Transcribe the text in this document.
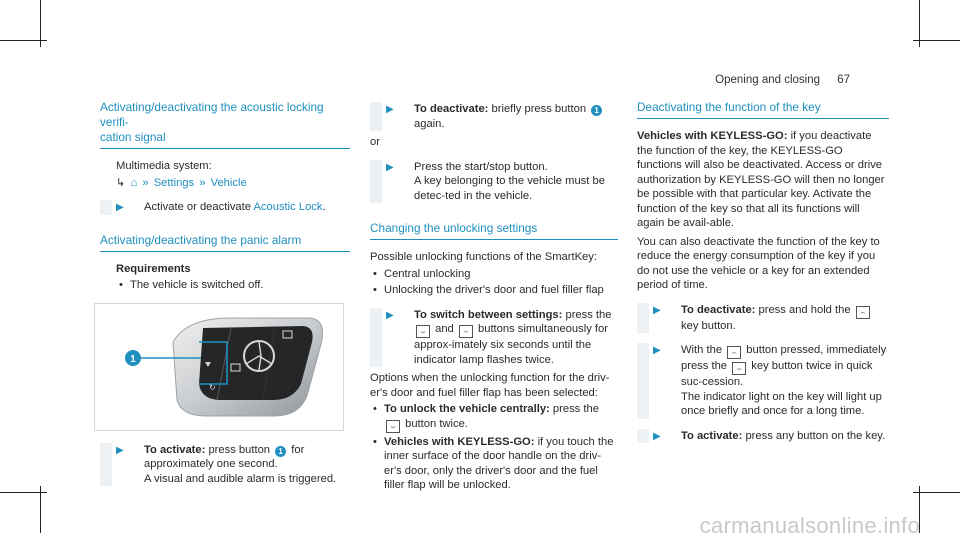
Opening and closing 67
Activating/deactivating the acoustic locking verifi-
cation signal

Multimedia system:

↳ ⌂ » Settings » Vehicle

▶ Activate or deactivate Acoustic Lock.
Activating/deactivating the panic alarm

Requirements

• The vehicle is switched off.

↻
1
▶ To activate: press button 1 for approximately one second.
A visual and audible alarm is triggered.
▶ To deactivate: briefly press button 1 again.

or

▶ Press the start/stop button.
A key belonging to the vehicle must be detec-ted in the vehicle.
Changing the unlocking settings

Possible unlocking functions of the SmartKey:

• Central unlocking

• Unlocking the driver's door and fuel filler flap

▶ To switch between settings: press the ⌣ and ⌢ buttons simultaneously for approx-imately six seconds until the indicator lamp flashes twice.

Options when the unlocking function for the driv-er's door and fuel filler flap has been selected:

• To unlock the vehicle centrally: press the ⌣ button twice.

• Vehicles with KEYLESS-GO: if you touch the inner surface of the door handle on the driv-er's door, only the driver's door and the fuel filler flap will be unlocked.

Deactivating the function of the key

Vehicles with KEYLESS-GO: if you deactivate the function of the key, the KEYLESS-GO functions will also be deactivated. Access or drive authorization by KEYLESS-GO will then no longer be possible with that particular key. Activate the function of the key so that all its functions will again be avail-able.

You can also deactivate the function of the key to reduce the energy consumption of the key if you do not use the vehicle or a key for an extended period of time.

▶ To deactivate: press and hold the ⌢ key button.
▶ With the ⌢ button pressed, immediately press the ⌣ key button twice in quick suc-cession.
The indicator light on the key will light up once briefly and once for a long time.
▶ To activate: press any button on the key.
carmanualsonline.info
